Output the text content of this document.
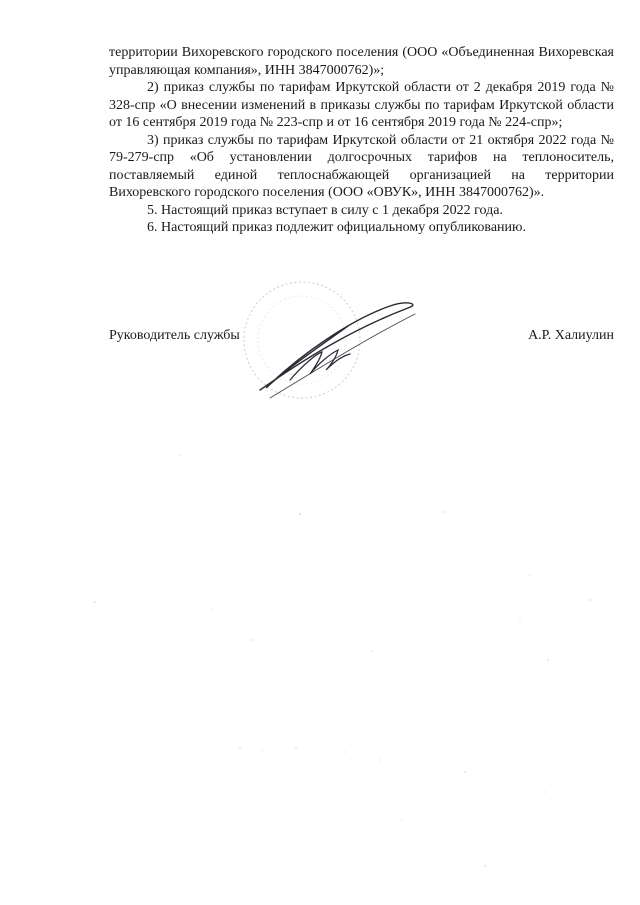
территории Вихоревского городского поселения (ООО «Объединенная Вихоревская управляющая компания», ИНН 3847000762)»;

2) приказ службы по тарифам Иркутской области от 2 декабря 2019 года № 328-спр «О внесении изменений в приказы службы по тарифам Иркутской области от 16 сентября 2019 года № 223-спр и от 16 сентября 2019 года № 224-спр»;

3) приказ службы по тарифам Иркутской области от 21 октября 2022 года № 79-279-спр «Об установлении долгосрочных тарифов на теплоноситель, поставляемый единой теплоснабжающей организацией на территории Вихоревского городского поселения (ООО «ОВУК», ИНН 3847000762)».

5. Настоящий приказ вступает в силу с 1 декабря 2022 года.

6. Настоящий приказ подлежит официальному опубликованию.

Руководитель службы	А.Р. Халиулин
